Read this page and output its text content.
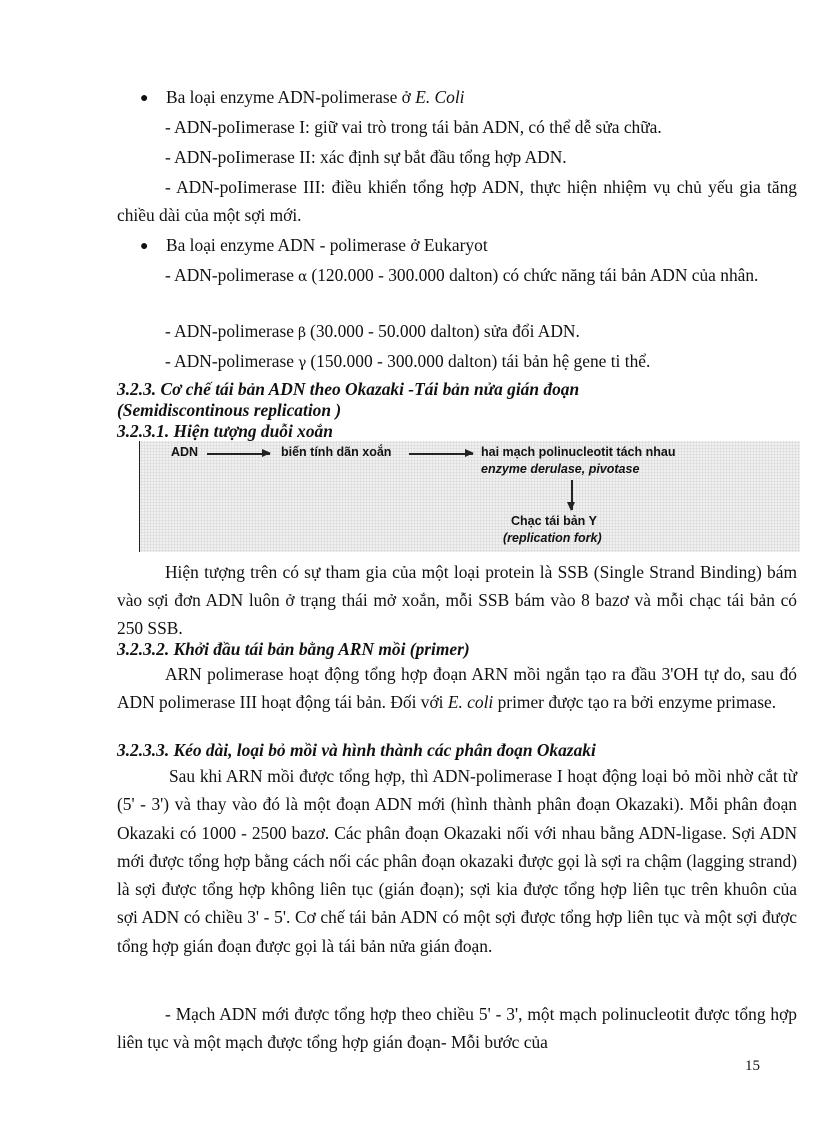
● Ba loại enzyme ADN-polimerase ở E. Coli

- ADN-poIimerase I: giữ vai trò trong tái bản ADN, có thể dễ sửa chữa.

- ADN-poIimerase II: xác định sự bắt đầu tổng hợp ADN.

- ADN-poIimerase III: điều khiển tổng hợp ADN, thực hiện nhiệm vụ chủ yếu gia tăng chiều dài của một sợi mới.

● Ba loại enzyme ADN - polimerase ở Eukaryot

- ADN-polimerase α (120.000 - 300.000 dalton) có chức năng tái bản ADN của nhân.

- ADN-polimerase β (30.000 - 50.000 dalton) sửa đổi ADN.

- ADN-polimerase γ (150.000 - 300.000 dalton) tái bản hệ gene ti thể.

3.2.3. Cơ chế tái bản ADN theo Okazaki -Tái bản nửa gián đoạn

(Semidiscontinous replication )

3.2.3.1. Hiện tượng duỗi xoắn

ADN	biến tính dãn xoắn	hai mạch polinucleotit tách nhau
enzyme derulase, pivotase
Chạc tái bản Y
(replication fork)

Hiện tượng trên có sự tham gia của một loại protein là SSB (Single Strand Binding) bám vào sợi đơn ADN luôn ở trạng thái mở xoắn, mỗi SSB bám vào 8 bazơ và mỗi chạc tái bản có 250 SSB.

3.2.3.2. Khởi đầu tái bản bằng ARN mồi (primer)

ARN polimerase hoạt động tổng hợp đoạn ARN mồi ngắn tạo ra đầu 3'OH tự do, sau đó ADN polimerase III hoạt động tái bản. Đối với E. coli primer được tạo ra bởi enzyme primase.

3.2.3.3. Kéo dài, loại bỏ mồi và hình thành các phân đoạn Okazaki

Sau khi ARN mồi được tổng hợp, thì ADN-polimerase I hoạt động loại bỏ mồi nhờ cắt từ (5' - 3') và thay vào đó là một đoạn ADN mới (hình thành phân đoạn Okazaki). Mỗi phân đoạn Okazaki có 1000 - 2500 bazơ. Các phân đoạn Okazaki nối với nhau bằng ADN-ligase. Sợi ADN mới được tổng hợp bằng cách nối các phân đoạn okazaki được gọi là sợi ra chậm (lagging strand) là sợi được tổng hợp không liên tục (gián đoạn); sợi kia được tổng hợp liên tục trên khuôn của sợi ADN có chiều 3' - 5'. Cơ chế tái bản ADN có một sợi được tổng hợp liên tục và một sợi được tổng hợp gián đoạn được gọi là tái bản nửa gián đoạn.

- Mạch ADN mới được tổng hợp theo chiều 5' - 3', một mạch polinucleotit được tổng hợp liên tục và một mạch được tổng hợp gián đoạn- Mỗi bước của

15
